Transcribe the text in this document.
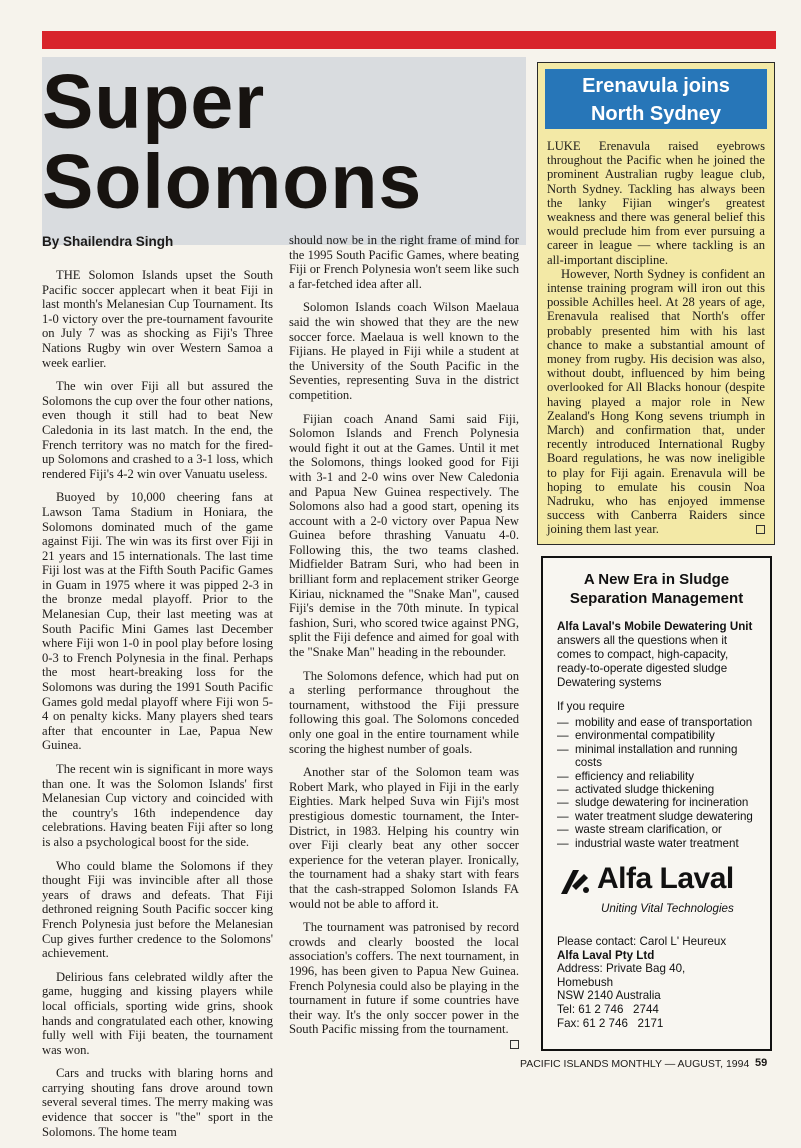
Super
Solomons
By Shailendra Singh

THE Solomon Islands upset the South Pacific soccer applecart when it beat Fiji in last month's Melanesian Cup Tournament. Its 1-0 victory over the pre-tournament favourite on July 7 was as shocking as Fiji's Three Nations Rugby win over Western Samoa a week earlier.

The win over Fiji all but assured the Solomons the cup over the four other nations, even though it still had to beat New Caledonia in its last match. In the end, the French territory was no match for the fired-up Solomons and crashed to a 3-1 loss, which rendered Fiji's 4-2 win over Vanuatu useless.

Buoyed by 10,000 cheering fans at Lawson Tama Stadium in Honiara, the Solomons dominated much of the game against Fiji. The win was its first over Fiji in 21 years and 15 internationals. The last time Fiji lost was at the Fifth South Pacific Games in Guam in 1975 where it was pipped 2-3 in the bronze medal playoff. Prior to the Melanesian Cup, their last meeting was at South Pacific Mini Games last December where Fiji won 1-0 in pool play before losing 0-3 to French Polynesia in the final. Perhaps the most heart-breaking loss for the Solomons was during the 1991 South Pacific Games gold medal playoff where Fiji won 5-4 on penalty kicks. Many players shed tears after that encounter in Lae, Papua New Guinea.

The recent win is significant in more ways than one. It was the Solomon Islands' first Melanesian Cup victory and coincided with the country's 16th independence day celebrations. Having beaten Fiji after so long is also a psychological boost for the side.

Who could blame the Solomons if they thought Fiji was invincible after all those years of draws and defeats. That Fiji dethroned reigning South Pacific soccer king French Polynesia just before the Melanesian Cup gives further credence to the Solomons' achievement.

Delirious fans celebrated wildly after the game, hugging and kissing players while local officials, sporting wide grins, shook hands and congratulated each other, knowing fully well with Fiji beaten, the tournament was won.

Cars and trucks with blaring horns and carrying shouting fans drove around town several several times. The merry making was evidence that soccer is "the" sport in the Solomons. The home team

should now be in the right frame of mind for the 1995 South Pacific Games, where beating Fiji or French Polynesia won't seem like such a far-fetched idea after all.

Solomon Islands coach Wilson Maelaua said the win showed that they are the new soccer force. Maelaua is well known to the Fijians. He played in Fiji while a student at the University of the South Pacific in the Seventies, representing Suva in the district competition.

Fijian coach Anand Sami said Fiji, Solomon Islands and French Polynesia would fight it out at the Games. Until it met the Solomons, things looked good for Fiji with 3-1 and 2-0 wins over New Caledonia and Papua New Guinea respectively. The Solomons also had a good start, opening its account with a 2-0 victory over Papua New Guinea before thrashing Vanuatu 4-0. Following this, the two teams clashed. Midfielder Batram Suri, who had been in brilliant form and replacement striker George Kiriau, nicknamed the "Snake Man", caused Fiji's demise in the 70th minute. In typical fashion, Suri, who scored twice against PNG, split the Fiji defence and aimed for goal with the "Snake Man" heading in the rebounder.

The Solomons defence, which had put on a sterling performance throughout the tournament, withstood the Fiji pressure following this goal. The Solomons conceded only one goal in the entire tournament while scoring the highest number of goals.

Another star of the Solomon team was Robert Mark, who played in Fiji in the early Eighties. Mark helped Suva win Fiji's most prestigious domestic tournament, the Inter-District, in 1983. Helping his country win over Fiji clearly beat any other soccer experience for the veteran player. Ironically, the tournament had a shaky start with fears that the cash-strapped Solomon Islands FA would not be able to afford it.

The tournament was patronised by record crowds and clearly boosted the local association's coffers. The next tournament, in 1996, has been given to Papua New Guinea. French Polynesia could also be playing in the tournament in future if some countries have their way. It's the only soccer power in the South Pacific missing from the tournament.

Erenavula joins
North Sydney

LUKE Erenavula raised eyebrows throughout the Pacific when he joined the prominent Australian rugby league club, North Sydney. Tackling has always been the lanky Fijian winger's greatest weakness and there was general belief this would preclude him from ever pursuing a career in league — where tackling is an all-important discipline.

However, North Sydney is confident an intense training program will iron out this possible Achilles heel. At 28 years of age, Erenavula realised that North's offer probably presented him with his last chance to make a substantial amount of money from rugby. His decision was also, without doubt, influenced by him being overlooked for All Blacks honour (despite having played a major role in New Zealand's Hong Kong sevens triumph in March) and confirmation that, under recently introduced International Rugby Board regulations, he was now ineligible to play for Fiji again. Erenavula will be hoping to emulate his cousin Noa Nadruku, who has enjoyed immense success with Canberra Raiders since joining them last year.

A New Era in Sludge Separation Management
Alfa Laval's Mobile Dewatering Unit answers all the questions when it comes to compact, high-capacity, ready-to-operate digested sludge Dewatering systems
If you require
— mobility and ease of transportation
— environmental compatibility
— minimal installation and running costs
— efficiency and reliability
— activated sludge thickening
— sludge dewatering for incineration
— water treatment sludge dewatering
— waste stream clarification, or
— industrial waste water treatment
Alfa Laval
Uniting Vital Technologies
Please contact: Carol L' Heureux
Alfa Laval Pty Ltd
Address: Private Bag 40,
Homebush
NSW 2140 Australia
Tel: 61 2 746   2744
Fax: 61 2 746   2171
PACIFIC ISLANDS MONTHLY — AUGUST, 1994 59
